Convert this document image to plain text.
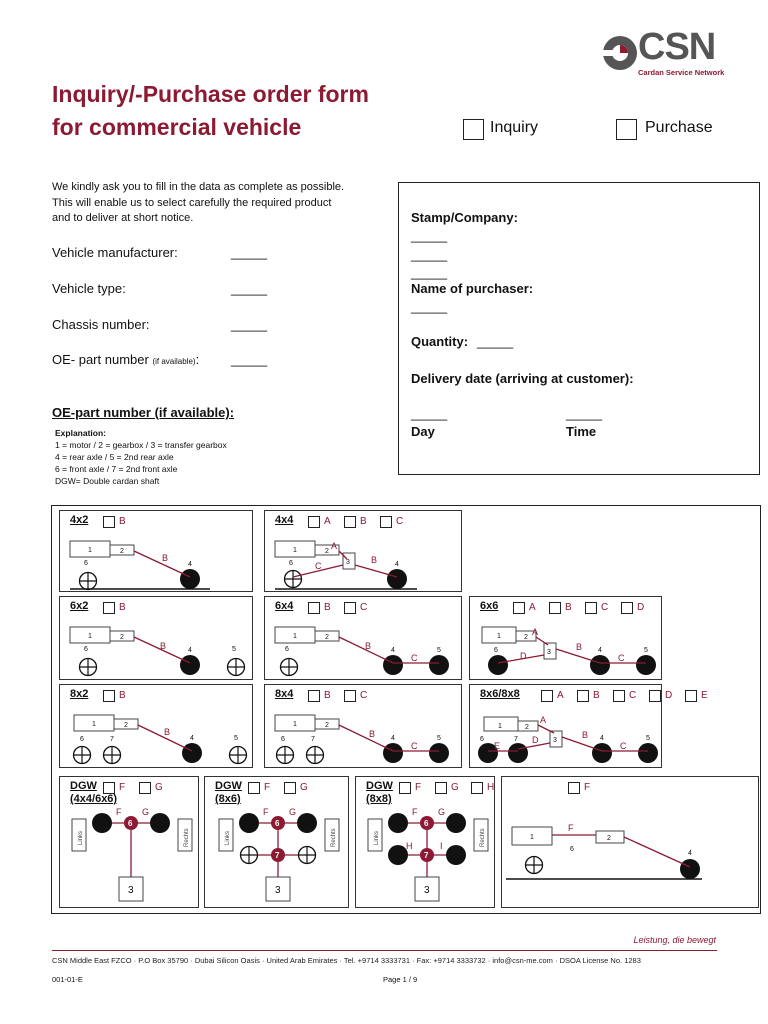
CSN
Cardan Service Network
Inquiry/-Purchase order form
for commercial vehicle	Inquiry	Purchase
We kindly ask you to fill in the data as complete as possible.
This will enable us to select carefully the required product
and to deliver at short notice.
Vehicle manufacturer:	_____
Vehicle type:	_____
Chassis number:	_____
OE- part number (if available): _____
Stamp/Company:
_____
_____
_____
Name of purchaser:
_____
Quantity: _____
Delivery date (arriving at customer):
_____	_____
Day	Time
OE-part number (if available):
Explanation:
1 = motor / 2 = gearbox / 3 = transfer gearbox
4 = rear axle / 5 = 2nd rear axle
6 = front axle / 7 = 2nd front axle
DGW= Double cardan shaft
4x2	B
1	2
6	4
B
4x4	A	B	C
1	2
3
6	4
A
B
C
6x2	B
1	2
6	4	5
B
6x4	B	C
1	2
6	4	5
B
C
6x6	A	B	C	D
1	2
3
6	4	5
A
B
C
D
8x2	B
1	2
6	7	4	5
B
8x4	B	C
1	2
6	7	4	5
B
C
8x6/8x8	A	B	C	D	E
1	2
3
6	7	4	5
A
B
C
D
E
DGW F	G
(4x4/6x6)
Links	Rechts
6
F G
3
DGW F	G
(8x6)
Links	Rechts
6
F G
7
3
DGW F	G	H
(8x8)
Links	Rechts
6
F G
7
3
H	I
F
1	2
F
6
4
Leistung, die bewegt
CSN Middle East FZCO · P.O Box 35790 · Dubai Silicon Oasis · United Arab Emirates · Tel. +9714 3333731 · Fax: +9714 3333732 · info@csn-me.com · DSOA License No. 1283
001-01-E	Page 1 / 9
